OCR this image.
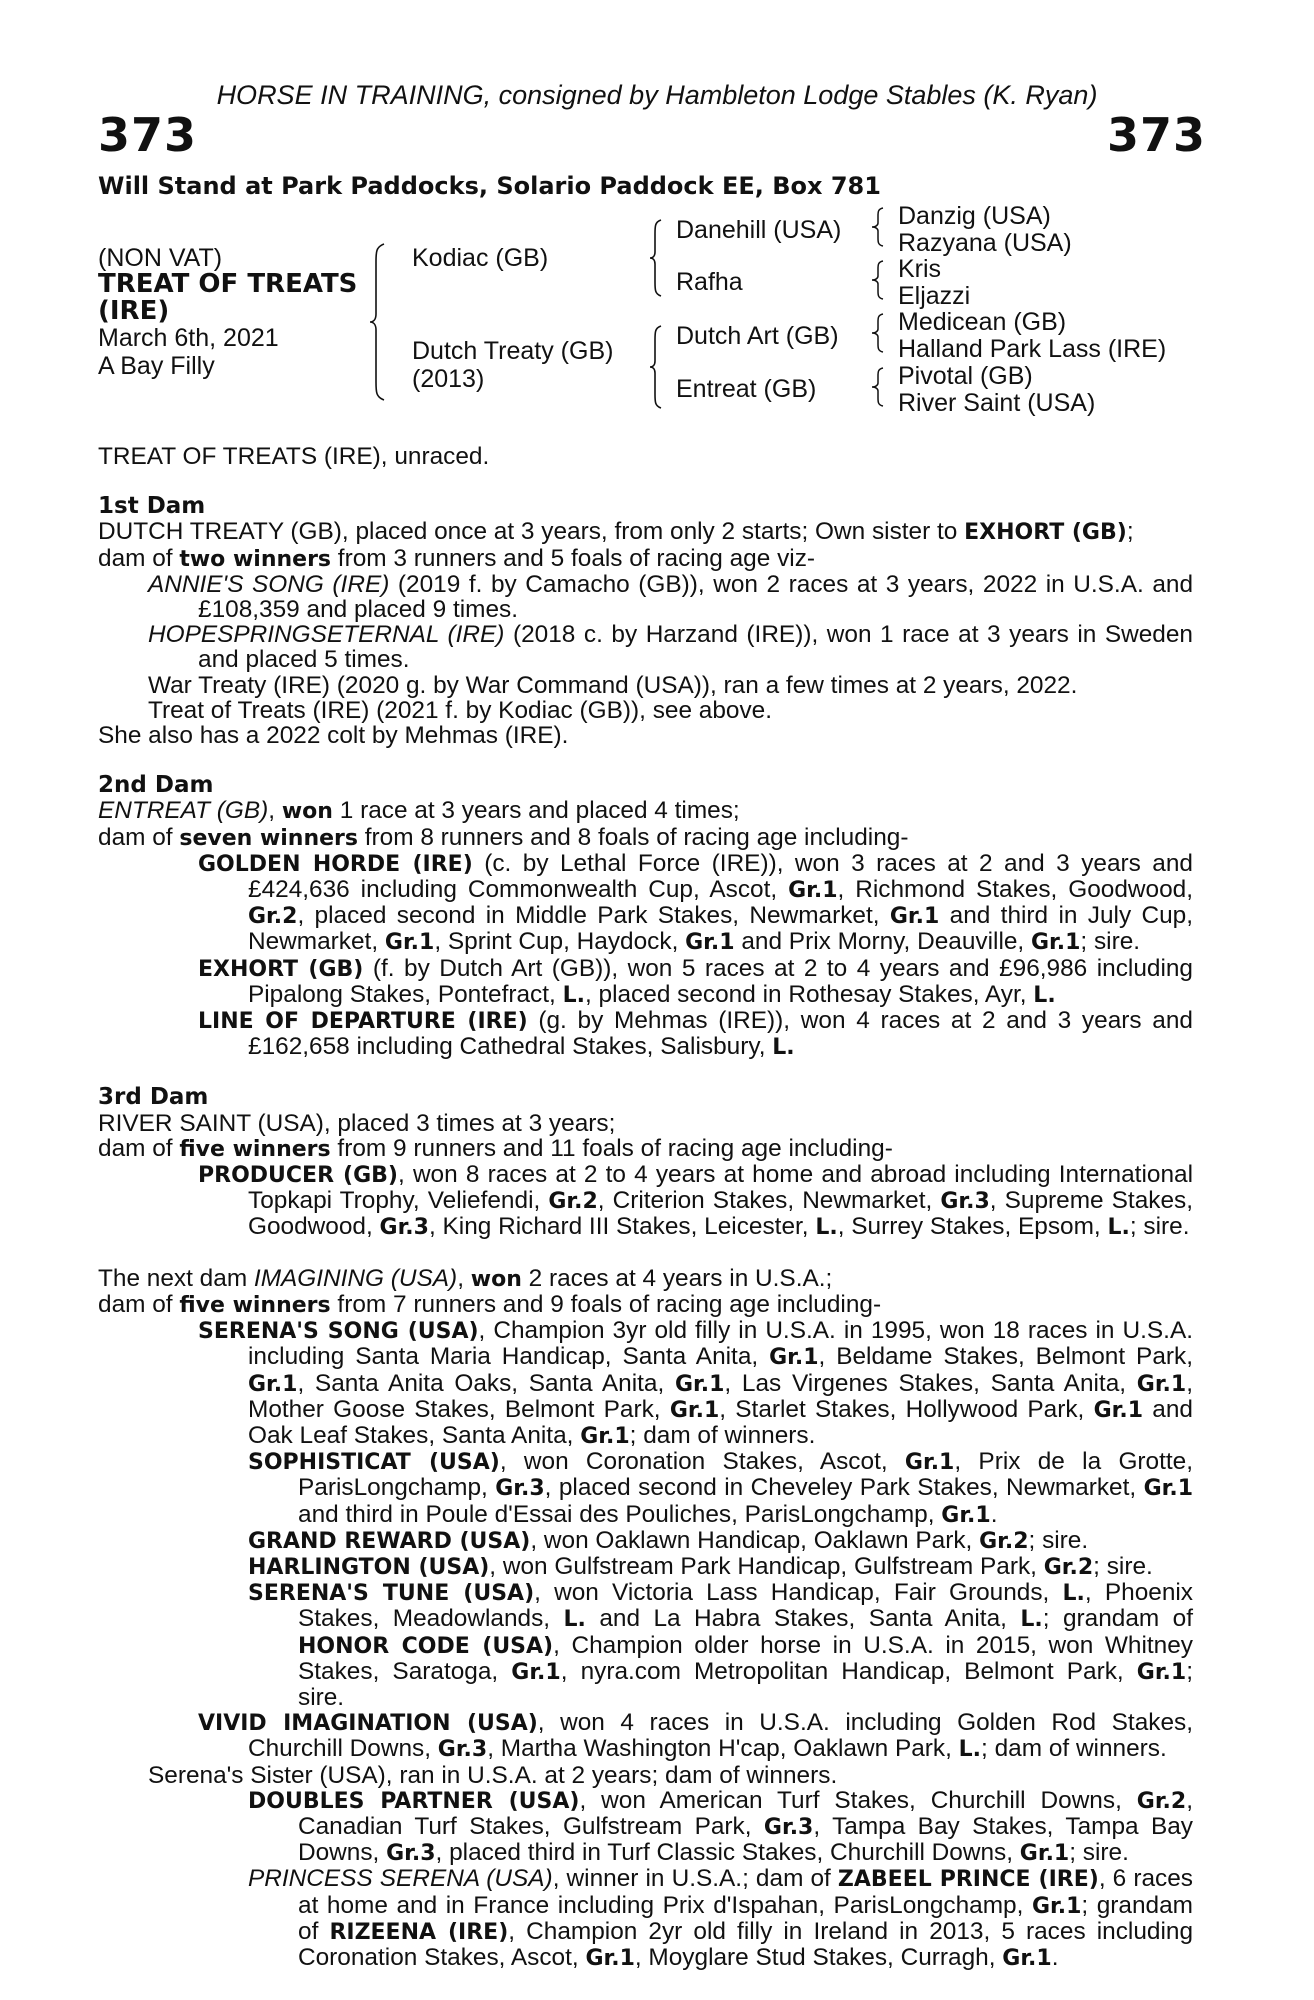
HORSE IN TRAINING, consigned by Hambleton Lodge Stables (K. Ryan)
373	373
Will Stand at Park Paddocks, Solario Paddock EE, Box 781
(NON VAT)
TREAT OF TREATS
(IRE)
March 6th, 2021
A Bay Filly
Kodiac (GB)
Dutch Treaty (GB)
(2013)
Danehill (USA)
Rafha
Dutch Art (GB)
Entreat (GB)
Danzig (USA)
Razyana (USA)
Kris
Eljazzi
Medicean (GB)
Halland Park Lass (IRE)
Pivotal (GB)
River Saint (USA)

TREAT OF TREATS (IRE), unraced.

1st Dam

DUTCH TREATY (GB), placed once at 3 years, from only 2 starts; Own sister to EXHORT (GB);

dam of two winners from 3 runners and 5 foals of racing age viz-

ANNIE'S SONG (IRE) (2019 f. by Camacho (GB)), won 2 races at 3 years, 2022 in U.S.A. and £108,359 and placed 9 times.

HOPESPRINGSETERNAL (IRE) (2018 c. by Harzand (IRE)), won 1 race at 3 years in Sweden and placed 5 times.

War Treaty (IRE) (2020 g. by War Command (USA)), ran a few times at 2 years, 2022.

Treat of Treats (IRE) (2021 f. by Kodiac (GB)), see above.

She also has a 2022 colt by Mehmas (IRE).

2nd Dam

ENTREAT (GB), won 1 race at 3 years and placed 4 times;

dam of seven winners from 8 runners and 8 foals of racing age including-

GOLDEN HORDE (IRE) (c. by Lethal Force (IRE)), won 3 races at 2 and 3 years and £424,636 including Commonwealth Cup, Ascot, Gr.1, Richmond Stakes, Goodwood, Gr.2, placed second in Middle Park Stakes, Newmarket, Gr.1 and third in July Cup, Newmarket, Gr.1, Sprint Cup, Haydock, Gr.1 and Prix Morny, Deauville, Gr.1; sire.

EXHORT (GB) (f. by Dutch Art (GB)), won 5 races at 2 to 4 years and £96,986 including Pipalong Stakes, Pontefract, L., placed second in Rothesay Stakes, Ayr, L.

LINE OF DEPARTURE (IRE) (g. by Mehmas (IRE)), won 4 races at 2 and 3 years and £162,658 including Cathedral Stakes, Salisbury, L.

3rd Dam

RIVER SAINT (USA), placed 3 times at 3 years;

dam of five winners from 9 runners and 11 foals of racing age including-

PRODUCER (GB), won 8 races at 2 to 4 years at home and abroad including International Topkapi Trophy, Veliefendi, Gr.2, Criterion Stakes, Newmarket, Gr.3, Supreme Stakes, Goodwood, Gr.3, King Richard III Stakes, Leicester, L., Surrey Stakes, Epsom, L.; sire.

The next dam IMAGINING (USA), won 2 races at 4 years in U.S.A.;

dam of five winners from 7 runners and 9 foals of racing age including-

SERENA'S SONG (USA), Champion 3yr old filly in U.S.A. in 1995, won 18 races in U.S.A. including Santa Maria Handicap, Santa Anita, Gr.1, Beldame Stakes, Belmont Park, Gr.1, Santa Anita Oaks, Santa Anita, Gr.1, Las Virgenes Stakes, Santa Anita, Gr.1, Mother Goose Stakes, Belmont Park, Gr.1, Starlet Stakes, Hollywood Park, Gr.1 and Oak Leaf Stakes, Santa Anita, Gr.1; dam of winners.

SOPHISTICAT (USA), won Coronation Stakes, Ascot, Gr.1, Prix de la Grotte, ParisLongchamp, Gr.3, placed second in Cheveley Park Stakes, Newmarket, Gr.1 and third in Poule d'Essai des Pouliches, ParisLongchamp, Gr.1.

GRAND REWARD (USA), won Oaklawn Handicap, Oaklawn Park, Gr.2; sire.

HARLINGTON (USA), won Gulfstream Park Handicap, Gulfstream Park, Gr.2; sire.

SERENA'S TUNE (USA), won Victoria Lass Handicap, Fair Grounds, L., Phoenix Stakes, Meadowlands, L. and La Habra Stakes, Santa Anita, L.; grandam of HONOR CODE (USA), Champion older horse in U.S.A. in 2015, won Whitney Stakes, Saratoga, Gr.1, nyra.com Metropolitan Handicap, Belmont Park, Gr.1; sire.

VIVID IMAGINATION (USA), won 4 races in U.S.A. including Golden Rod Stakes, Churchill Downs, Gr.3, Martha Washington H'cap, Oaklawn Park, L.; dam of winners.

Serena's Sister (USA), ran in U.S.A. at 2 years; dam of winners.

DOUBLES PARTNER (USA), won American Turf Stakes, Churchill Downs, Gr.2, Canadian Turf Stakes, Gulfstream Park, Gr.3, Tampa Bay Stakes, Tampa Bay Downs, Gr.3, placed third in Turf Classic Stakes, Churchill Downs, Gr.1; sire.

PRINCESS SERENA (USA), winner in U.S.A.; dam of ZABEEL PRINCE (IRE), 6 races at home and in France including Prix d'Ispahan, ParisLongchamp, Gr.1; grandam of RIZEENA (IRE), Champion 2yr old filly in Ireland in 2013, 5 races including Coronation Stakes, Ascot, Gr.1, Moyglare Stud Stakes, Curragh, Gr.1.
